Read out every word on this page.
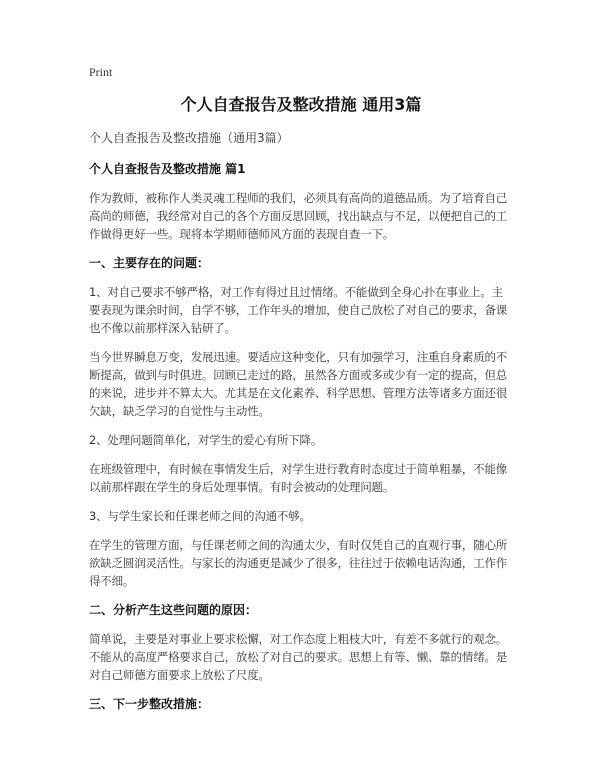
Print
个人自查报告及整改措施 通用3篇
个人自查报告及整改措施（通用3篇）
个人自查报告及整改措施 篇1
作为教师，被称作人类灵魂工程师的我们，必须具有高尚的道德品质。为了培育自己高尚的师德，我经常对自己的各个方面反思回顾，找出缺点与不足，以便把自己的工作做得更好一些。现将本学期师德师风方面的表现自查一下。
一、主要存在的问题：
1、对自己要求不够严格，对工作有得过且过情绪。不能做到全身心扑在事业上。主要表现为课余时间，自学不够，工作年头的增加，使自己放松了对自己的要求，备课也不像以前那样深入钻研了。
当今世界瞬息万变，发展迅速。要适应这种变化，只有加强学习，注重自身素质的不断提高，做到与时俱进。回顾已走过的路，虽然各方面或多或少有一定的提高，但总的来说，进步并不算太大。尤其是在文化素养、科学思想、管理方法等诸多方面还很欠缺，缺乏学习的自觉性与主动性。
2、处理问题简单化，对学生的爱心有所下降。
在班级管理中，有时候在事情发生后，对学生进行教育时态度过于简单粗暴，不能像以前那样跟在学生的身后处理事情。有时会被动的处理问题。
3、与学生家长和任课老师之间的沟通不够。
在学生的管理方面，与任课老师之间的沟通太少，有时仅凭自己的直观行事，随心所欲缺乏圆润灵活性。与家长的沟通更是减少了很多，往往过于依赖电话沟通，工作作得不细。
二、分析产生这些问题的原因：
简单说，主要是对事业上要求松懈，对工作态度上粗枝大叶，有差不多就行的观念。不能从的高度严格要求自己，放松了对自己的要求。思想上有等、懒、靠的情绪。是对自己师德方面要求上放松了尺度。
三、下一步整改措施：
